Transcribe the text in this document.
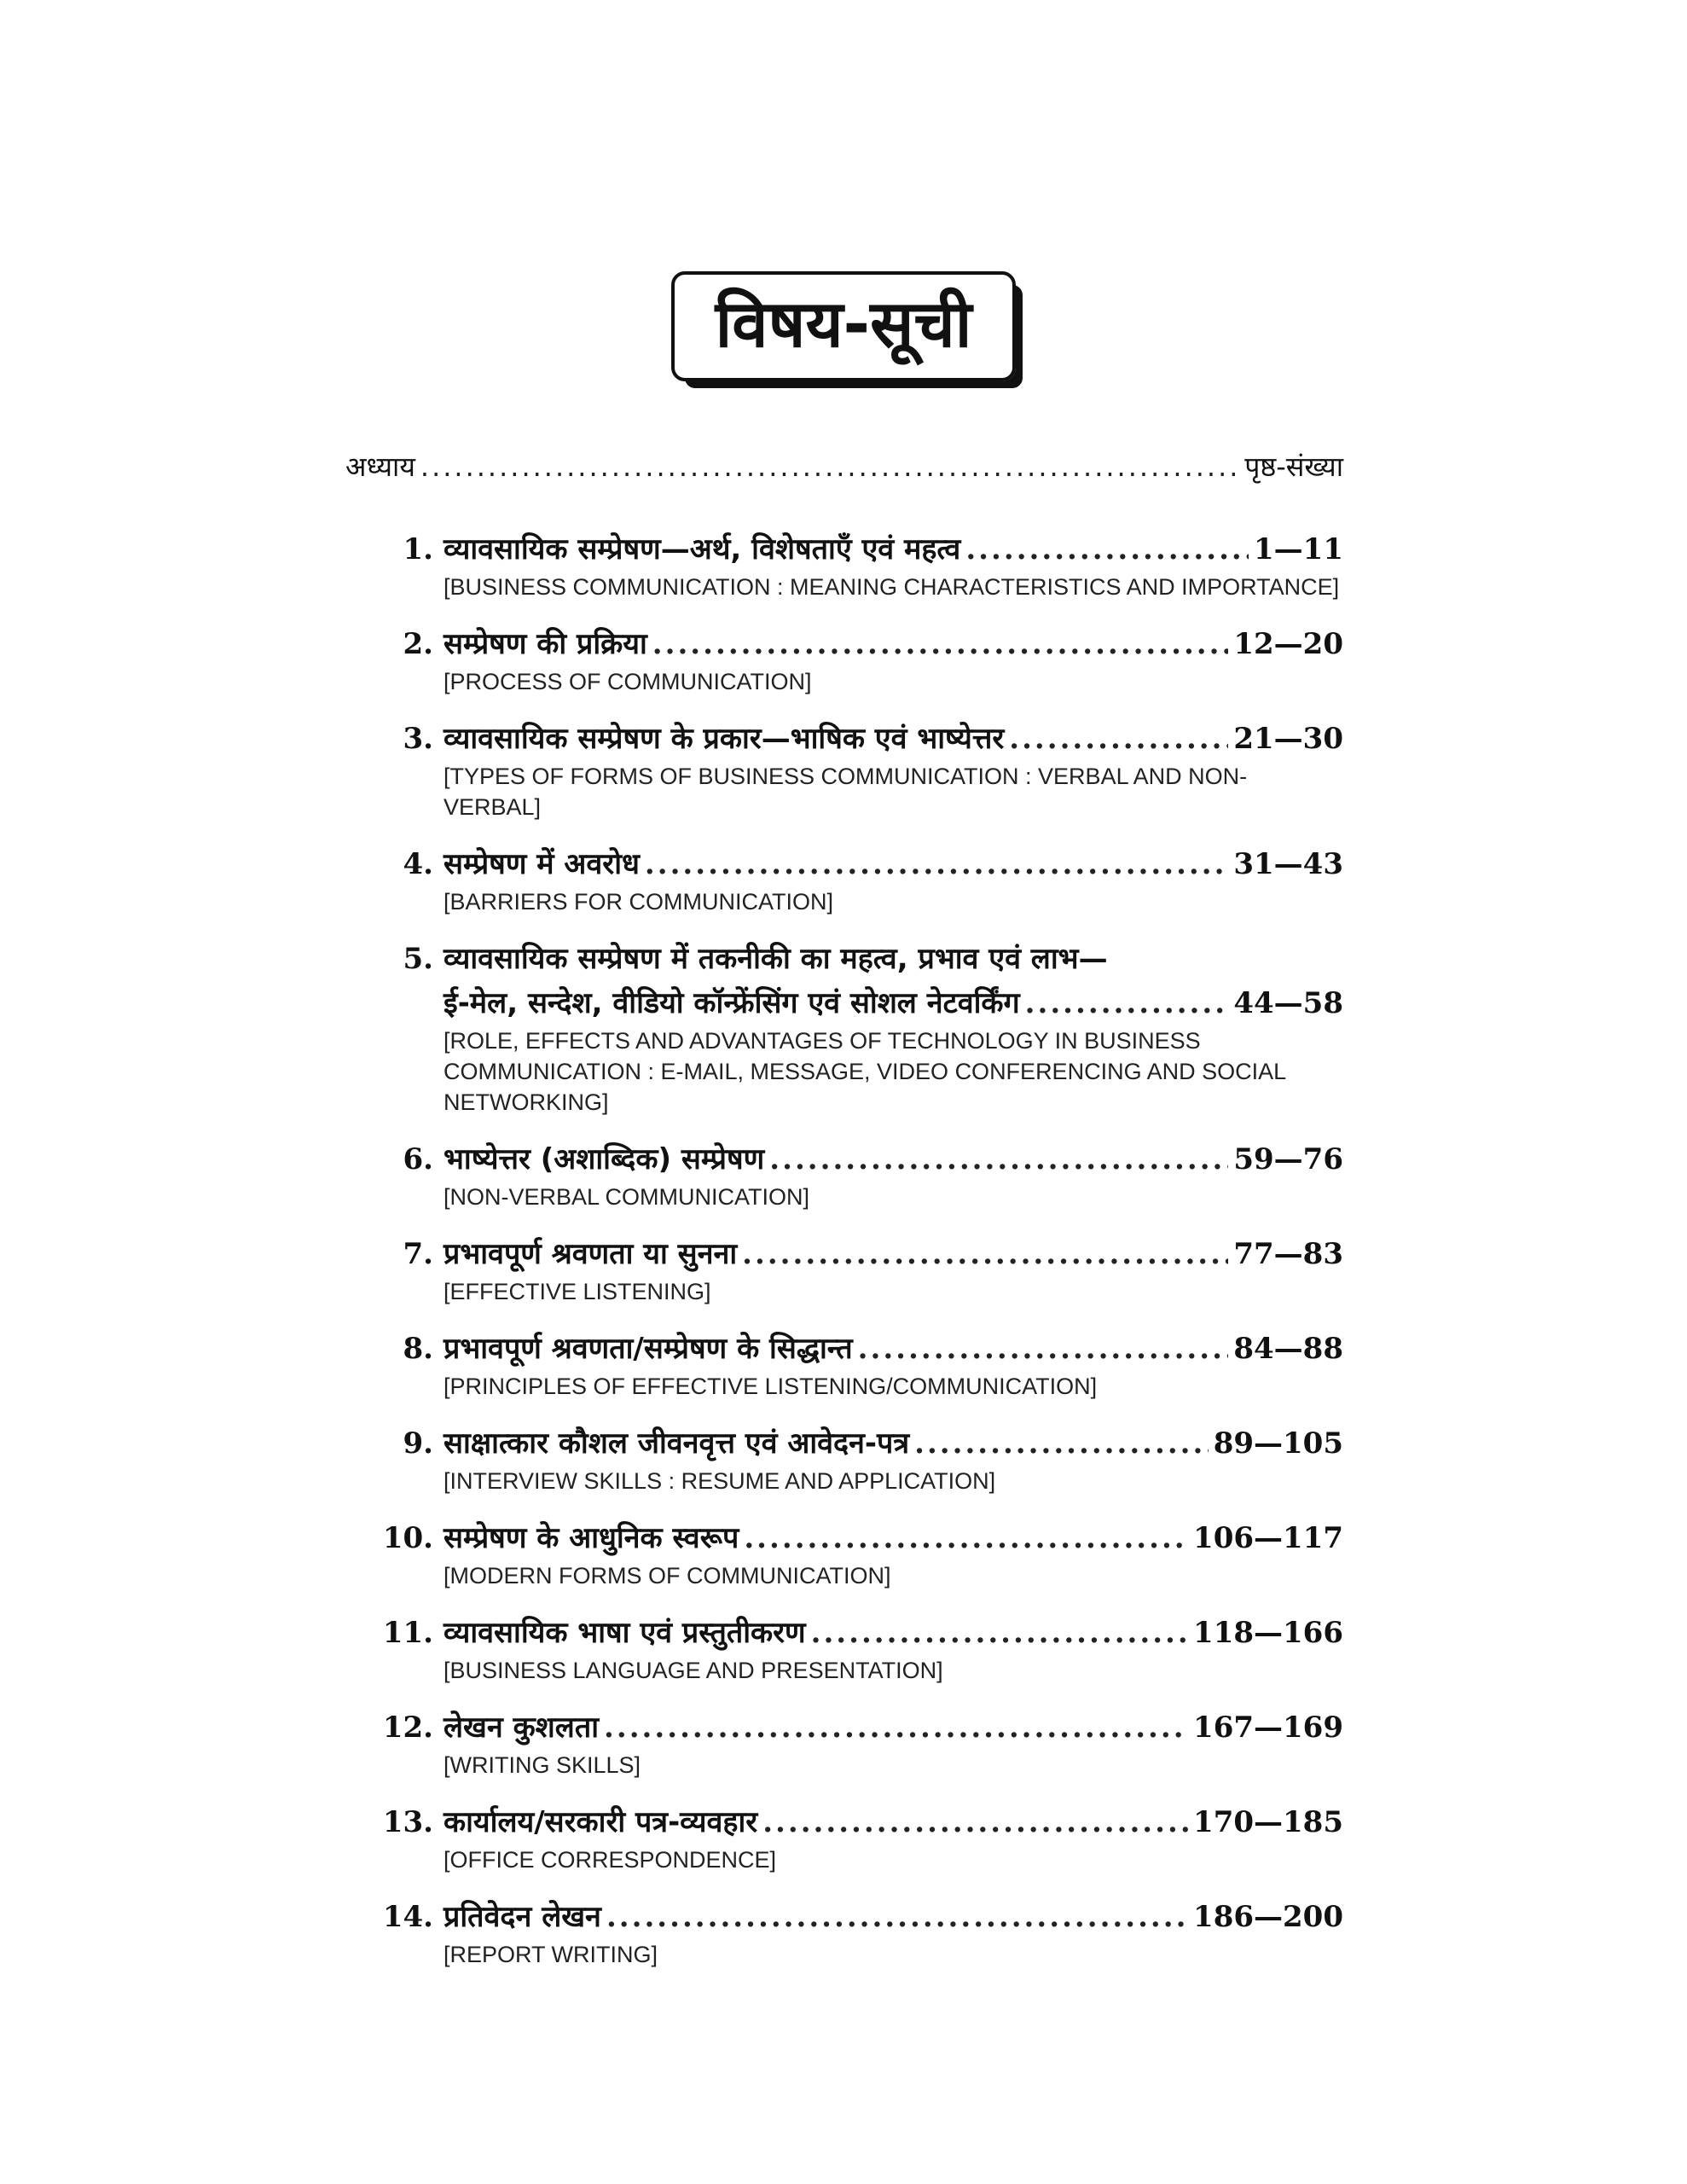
विषय-सूची
अध्याय .....	पृष्ठ-संख्या
1. व्यावसायिक सम्प्रेषण—अर्थ, विशेषताएँ एवं महत्व .....	1—11
[BUSINESS COMMUNICATION : MEANING CHARACTERISTICS AND IMPORTANCE]
2. सम्प्रेषण की प्रक्रिया .....	12—20
[PROCESS OF COMMUNICATION]
3. व्यावसायिक सम्प्रेषण के प्रकार—भाषिक एवं भाष्येत्तर .....	21—30
[TYPES OF FORMS OF BUSINESS COMMUNICATION : VERBAL AND NON-VERBAL]
4. सम्प्रेषण में अवरोध .....	31—43
[BARRIERS FOR COMMUNICATION]
5. व्यावसायिक सम्प्रेषण में तकनीकी का महत्व, प्रभाव एवं लाभ—
ई-मेल, सन्देश, वीडियो कॉन्फ्रेंसिंग एवं सोशल नेटवर्किंग .....	44—58
[ROLE, EFFECTS AND ADVANTAGES OF TECHNOLOGY IN BUSINESS COMMUNICATION : E-MAIL, MESSAGE, VIDEO CONFERENCING AND SOCIAL NETWORKING]
6. भाष्येत्तर (अशाब्दिक) सम्प्रेषण .....	59—76
[NON-VERBAL COMMUNICATION]
7. प्रभावपूर्ण श्रवणता या सुनना .....	77—83
[EFFECTIVE LISTENING]
8. प्रभावपूर्ण श्रवणता/सम्प्रेषण के सिद्धान्त .....	84—88
[PRINCIPLES OF EFFECTIVE LISTENING/COMMUNICATION]
9. साक्षात्कार कौशल जीवनवृत्त एवं आवेदन-पत्र .....	89—105
[INTERVIEW SKILLS : RESUME AND APPLICATION]
10. सम्प्रेषण के आधुनिक स्वरूप .....	106—117
[MODERN FORMS OF COMMUNICATION]
11. व्यावसायिक भाषा एवं प्रस्तुतीकरण .....	118—166
[BUSINESS LANGUAGE AND PRESENTATION]
12. लेखन कुशलता .....	167—169
[WRITING SKILLS]
13. कार्यालय/सरकारी पत्र-व्यवहार .....	170—185
[OFFICE CORRESPONDENCE]
14. प्रतिवेदन लेखन .....	186—200
[REPORT WRITING]
